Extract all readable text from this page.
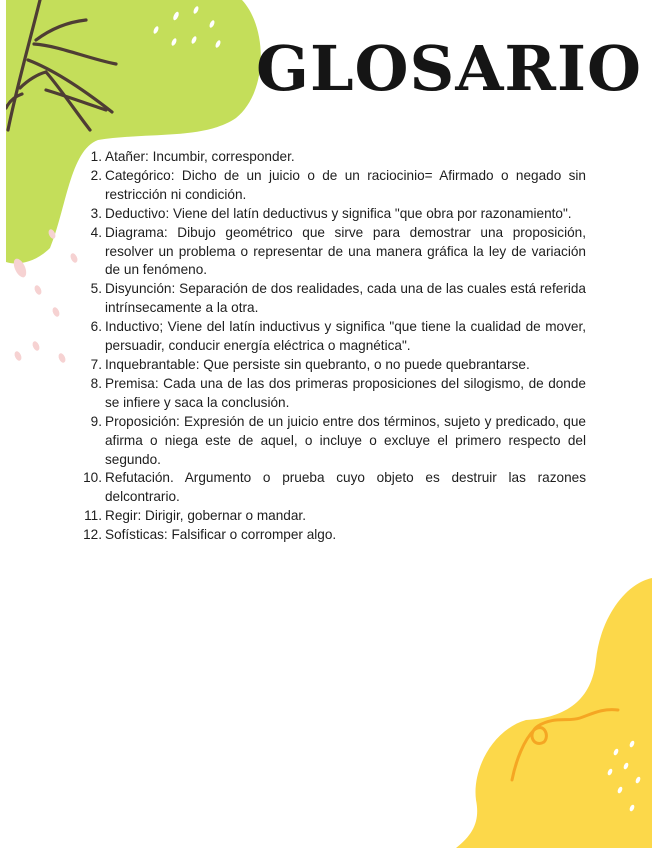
GLOSARIO
1. Atañer: Incumbir, corresponder.
2. Categórico: Dicho de un juicio o de un raciocinio= Afirmado o negado sin restricción ni condición.
3. Deductivo: Viene del latín deductivus y significa "que obra por razonamiento".
4. Diagrama: Dibujo geométrico que sirve para demostrar una proposición, resolver un problema o representar de una manera gráfica la ley de variación de un fenómeno.
5. Disyunción: Separación de dos realidades, cada una de las cuales está referida intrínsecamente a la otra.
6. Inductivo; Viene del latín inductivus y significa "que tiene la cualidad de mover, persuadir, conducir energía eléctrica o magnética".
7. Inquebrantable: Que persiste sin quebranto, o no puede quebrantarse.
8. Premisa: Cada una de las dos primeras proposiciones del silogismo, de donde se infiere y saca la conclusión.
9. Proposición: Expresión de un juicio entre dos términos, sujeto y predicado, que afirma o niega este de aquel, o incluye o excluye el primero respecto del segundo.
10. Refutación. Argumento o prueba cuyo objeto es destruir las razones delcontrario.
11. Regir: Dirigir, gobernar o mandar.
12. Sofísticas: Falsificar o corromper algo.
